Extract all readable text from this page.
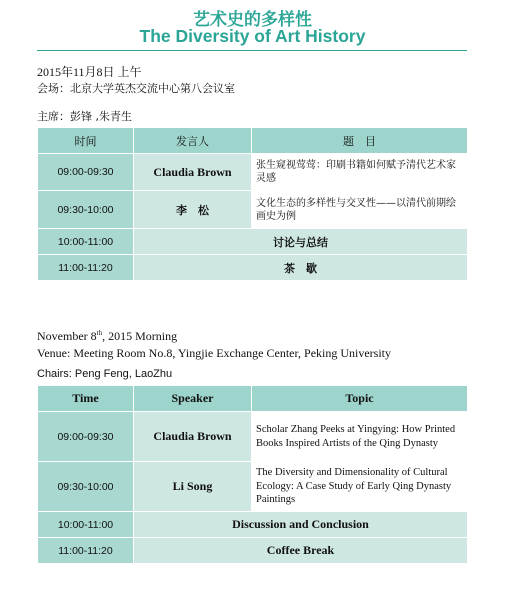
艺术史的多样性
The Diversity of Art History
2015年11月8日 上午
会场：北京大学英杰交流中心第八会议室
主席：彭锋 ,朱青生
时间	发言人	题　目
09:00-09:30	Claudia Brown	张生窥视莺莺：印刷书籍如何赋予清代艺术家灵感
09:30-10:00	李　松	文化生态的多样性与交叉性——以清代前期绘画史为例
10:00-11:00	讨论与总结	
11:00-11:20	茶　歇	
November 8th, 2015 Morning
Venue: Meeting Room No.8, Yingjie Exchange Center, Peking University
Chairs: Peng Feng, LaoZhu
Time	Speaker	Topic
09:00-09:30	Claudia Brown	Scholar Zhang Peeks at Yingying: How Printed Books Inspired Artists of the Qing Dynasty
09:30-10:00	Li Song	The Diversity and Dimensionality of Cultural Ecology: A Case Study of Early Qing Dynasty Paintings
10:00-11:00	Discussion and Conclusion	
11:00-11:20	Coffee Break	
